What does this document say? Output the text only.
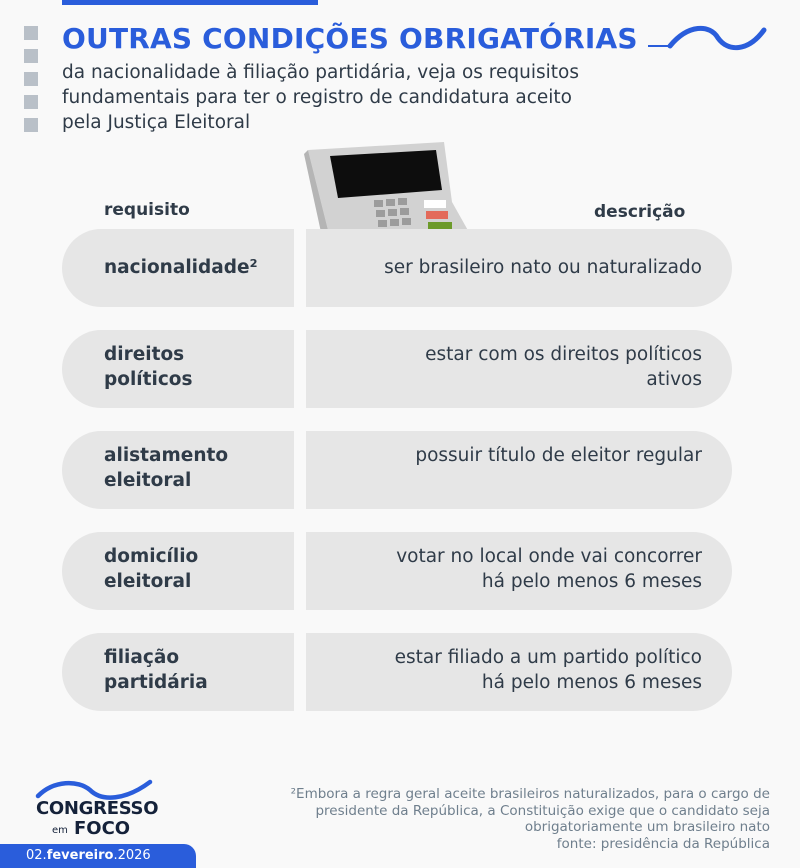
OUTRAS CONDIÇÕES OBRIGATÓRIAS
da nacionalidade à filiação partidária, veja os requisitos
fundamentais para ter o registro de candidatura aceito
pela Justiça Eleitoral
requisito	descrição
nacionalidade²	ser brasileiro nato ou naturalizado
direitos
políticos
estar com os direitos políticos
ativos
alistamento
eleitoral
possuir título de eleitor regular
domicílio
eleitoral
votar no local onde vai concorrer
há pelo menos 6 meses
filiação
partidária
estar filiado a um partido político
há pelo menos 6 meses
CONGRESSO
em FOCO
02.fevereiro.2026
²Embora a regra geral aceite brasileiros naturalizados, para o cargo de
presidente da República, a Constituição exige que o candidato seja
obrigatoriamente um brasileiro nato
fonte: presidência da República
